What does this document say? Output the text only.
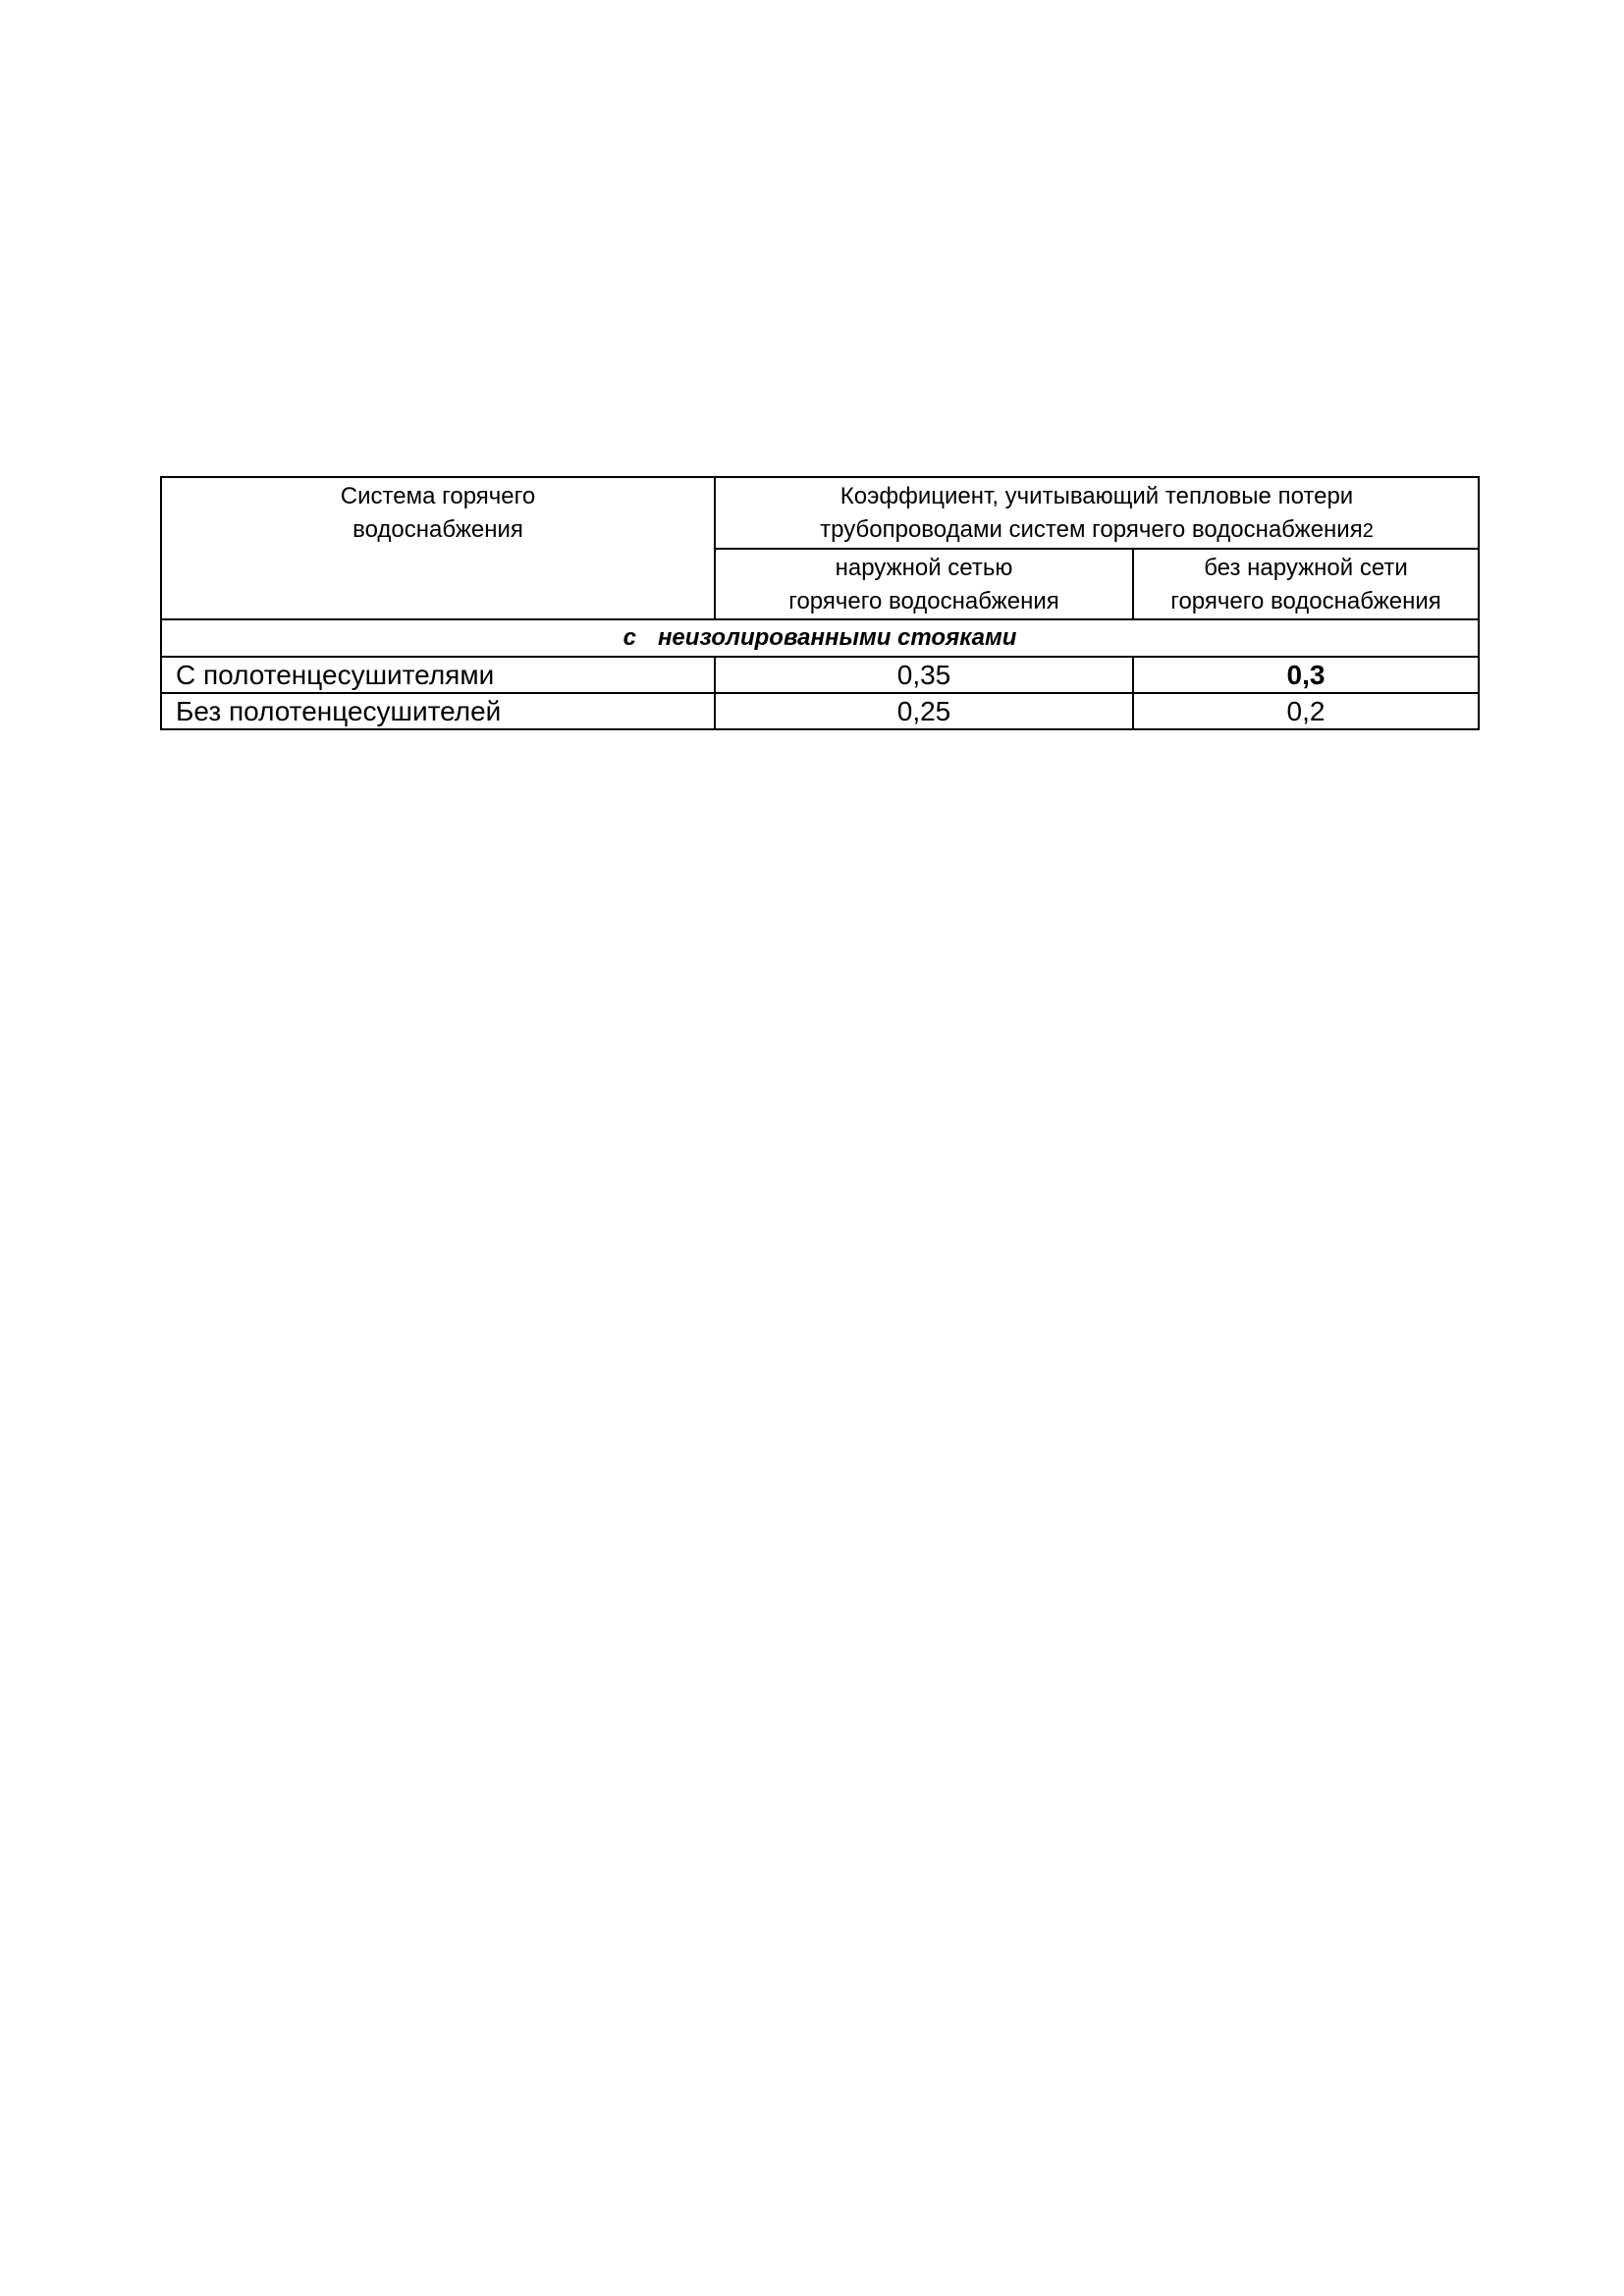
Система горячего
водоснабжения	Коэффициент, учитывающий тепловые потери
трубопроводами систем горячего водоснабжения2	

	наружной сетью
горячего водоснабжения	без наружной сети
горячего водоснабжения

с неизолированными стояками		
С полотенцесушителями	0,35	0,3
Без полотенцесушителей	0,25	0,2
